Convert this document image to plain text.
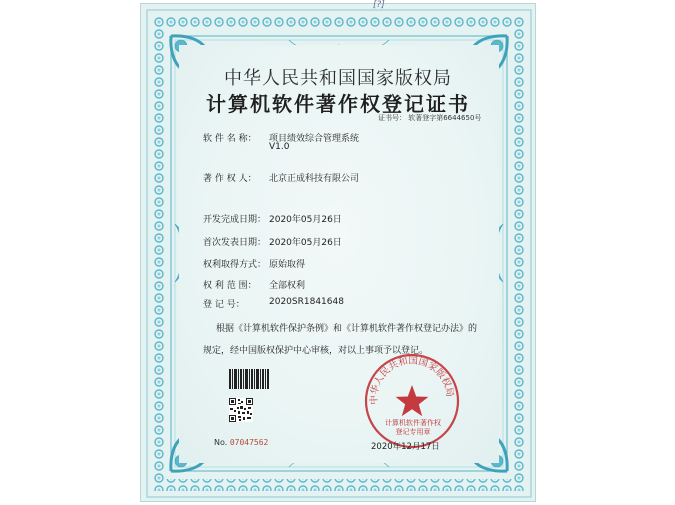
[?]
中华人民共和国国家版权局
计算机软件著作权登记证书
证书号： 软著登字第6644650号
软 件 名 称： 项目绩效综合管理系统
V1.0
著 作 权 人： 北京正成科技有限公司
开发完成日期： 2020年05月26日
首次发表日期： 2020年05月26日
权利取得方式： 原始取得
权 利 范 围： 全部权利
登 记 号：	2020SR1841648
根据《计算机软件保护条例》和《计算机软件著作权登记办法》的
规定，经中国版权保护中心审核，对以上事项予以登记。
No. 07047562
中华人民共和国国家版权局
计算机软件著作权
登记专用章
2020年12月17日
